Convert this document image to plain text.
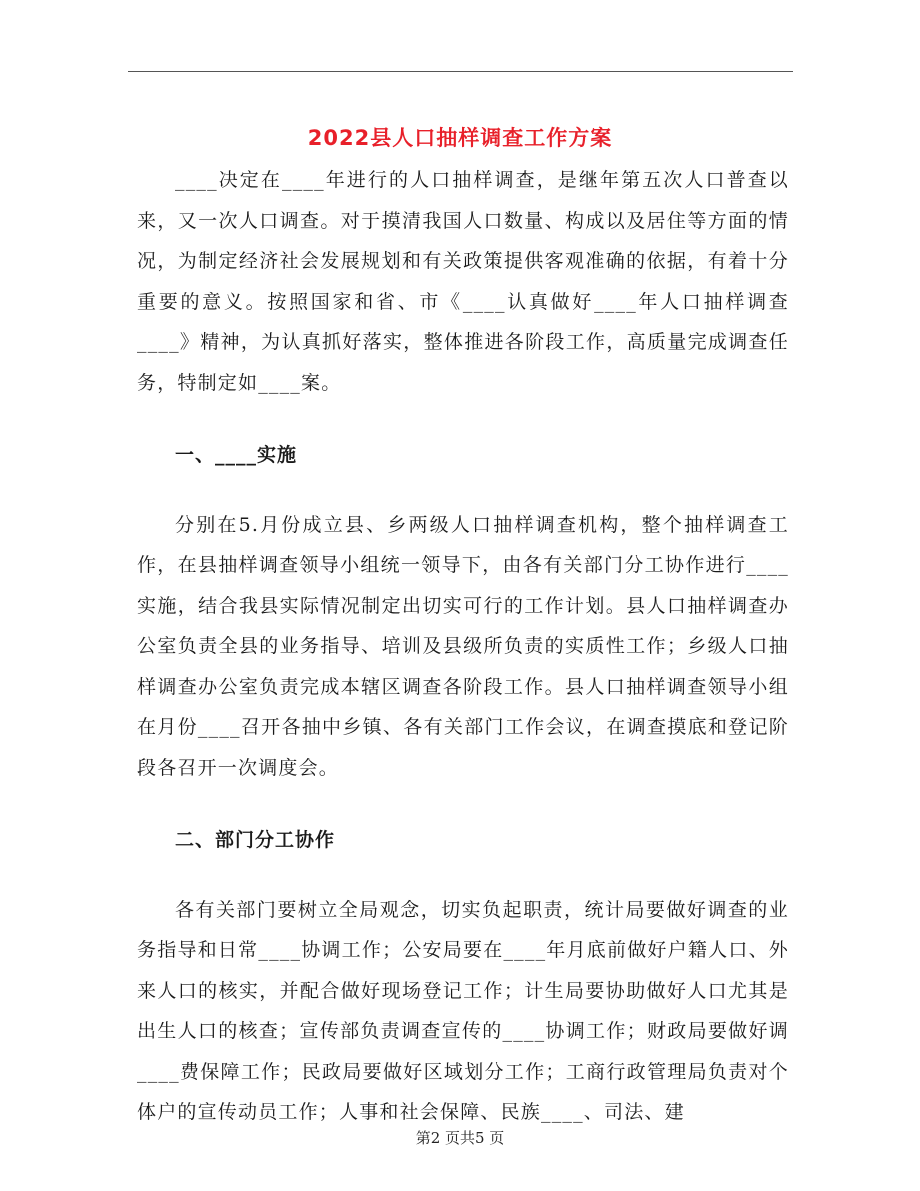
2022县人口抽样调查工作方案

____决定在____年进行的人口抽样调查，是继年第五次人口普查以来，又一次人口调查。对于摸清我国人口数量、构成以及居住等方面的情况，为制定经济社会发展规划和有关政策提供客观准确的依据，有着十分重要的意义。按照国家和省、市《____认真做好____年人口抽样调查____》精神，为认真抓好落实，整体推进各阶段工作，高质量完成调查任务，特制定如____案。

一、____实施

分别在5.月份成立县、乡两级人口抽样调查机构，整个抽样调查工作，在县抽样调查领导小组统一领导下，由各有关部门分工协作进行____实施，结合我县实际情况制定出切实可行的工作计划。县人口抽样调查办公室负责全县的业务指导、培训及县级所负责的实质性工作；乡级人口抽样调查办公室负责完成本辖区调查各阶段工作。县人口抽样调查领导小组在月份____召开各抽中乡镇、各有关部门工作会议，在调查摸底和登记阶段各召开一次调度会。

二、部门分工协作

各有关部门要树立全局观念，切实负起职责，统计局要做好调查的业务指导和日常____协调工作；公安局要在____年月底前做好户籍人口、外来人口的核实，并配合做好现场登记工作；计生局要协助做好人口尤其是出生人口的核查；宣传部负责调查宣传的____协调工作；财政局要做好调____费保障工作；民政局要做好区域划分工作；工商行政管理局负责对个体户的宣传动员工作；人事和社会保障、民族____、司法、建

第2 页共5 页
